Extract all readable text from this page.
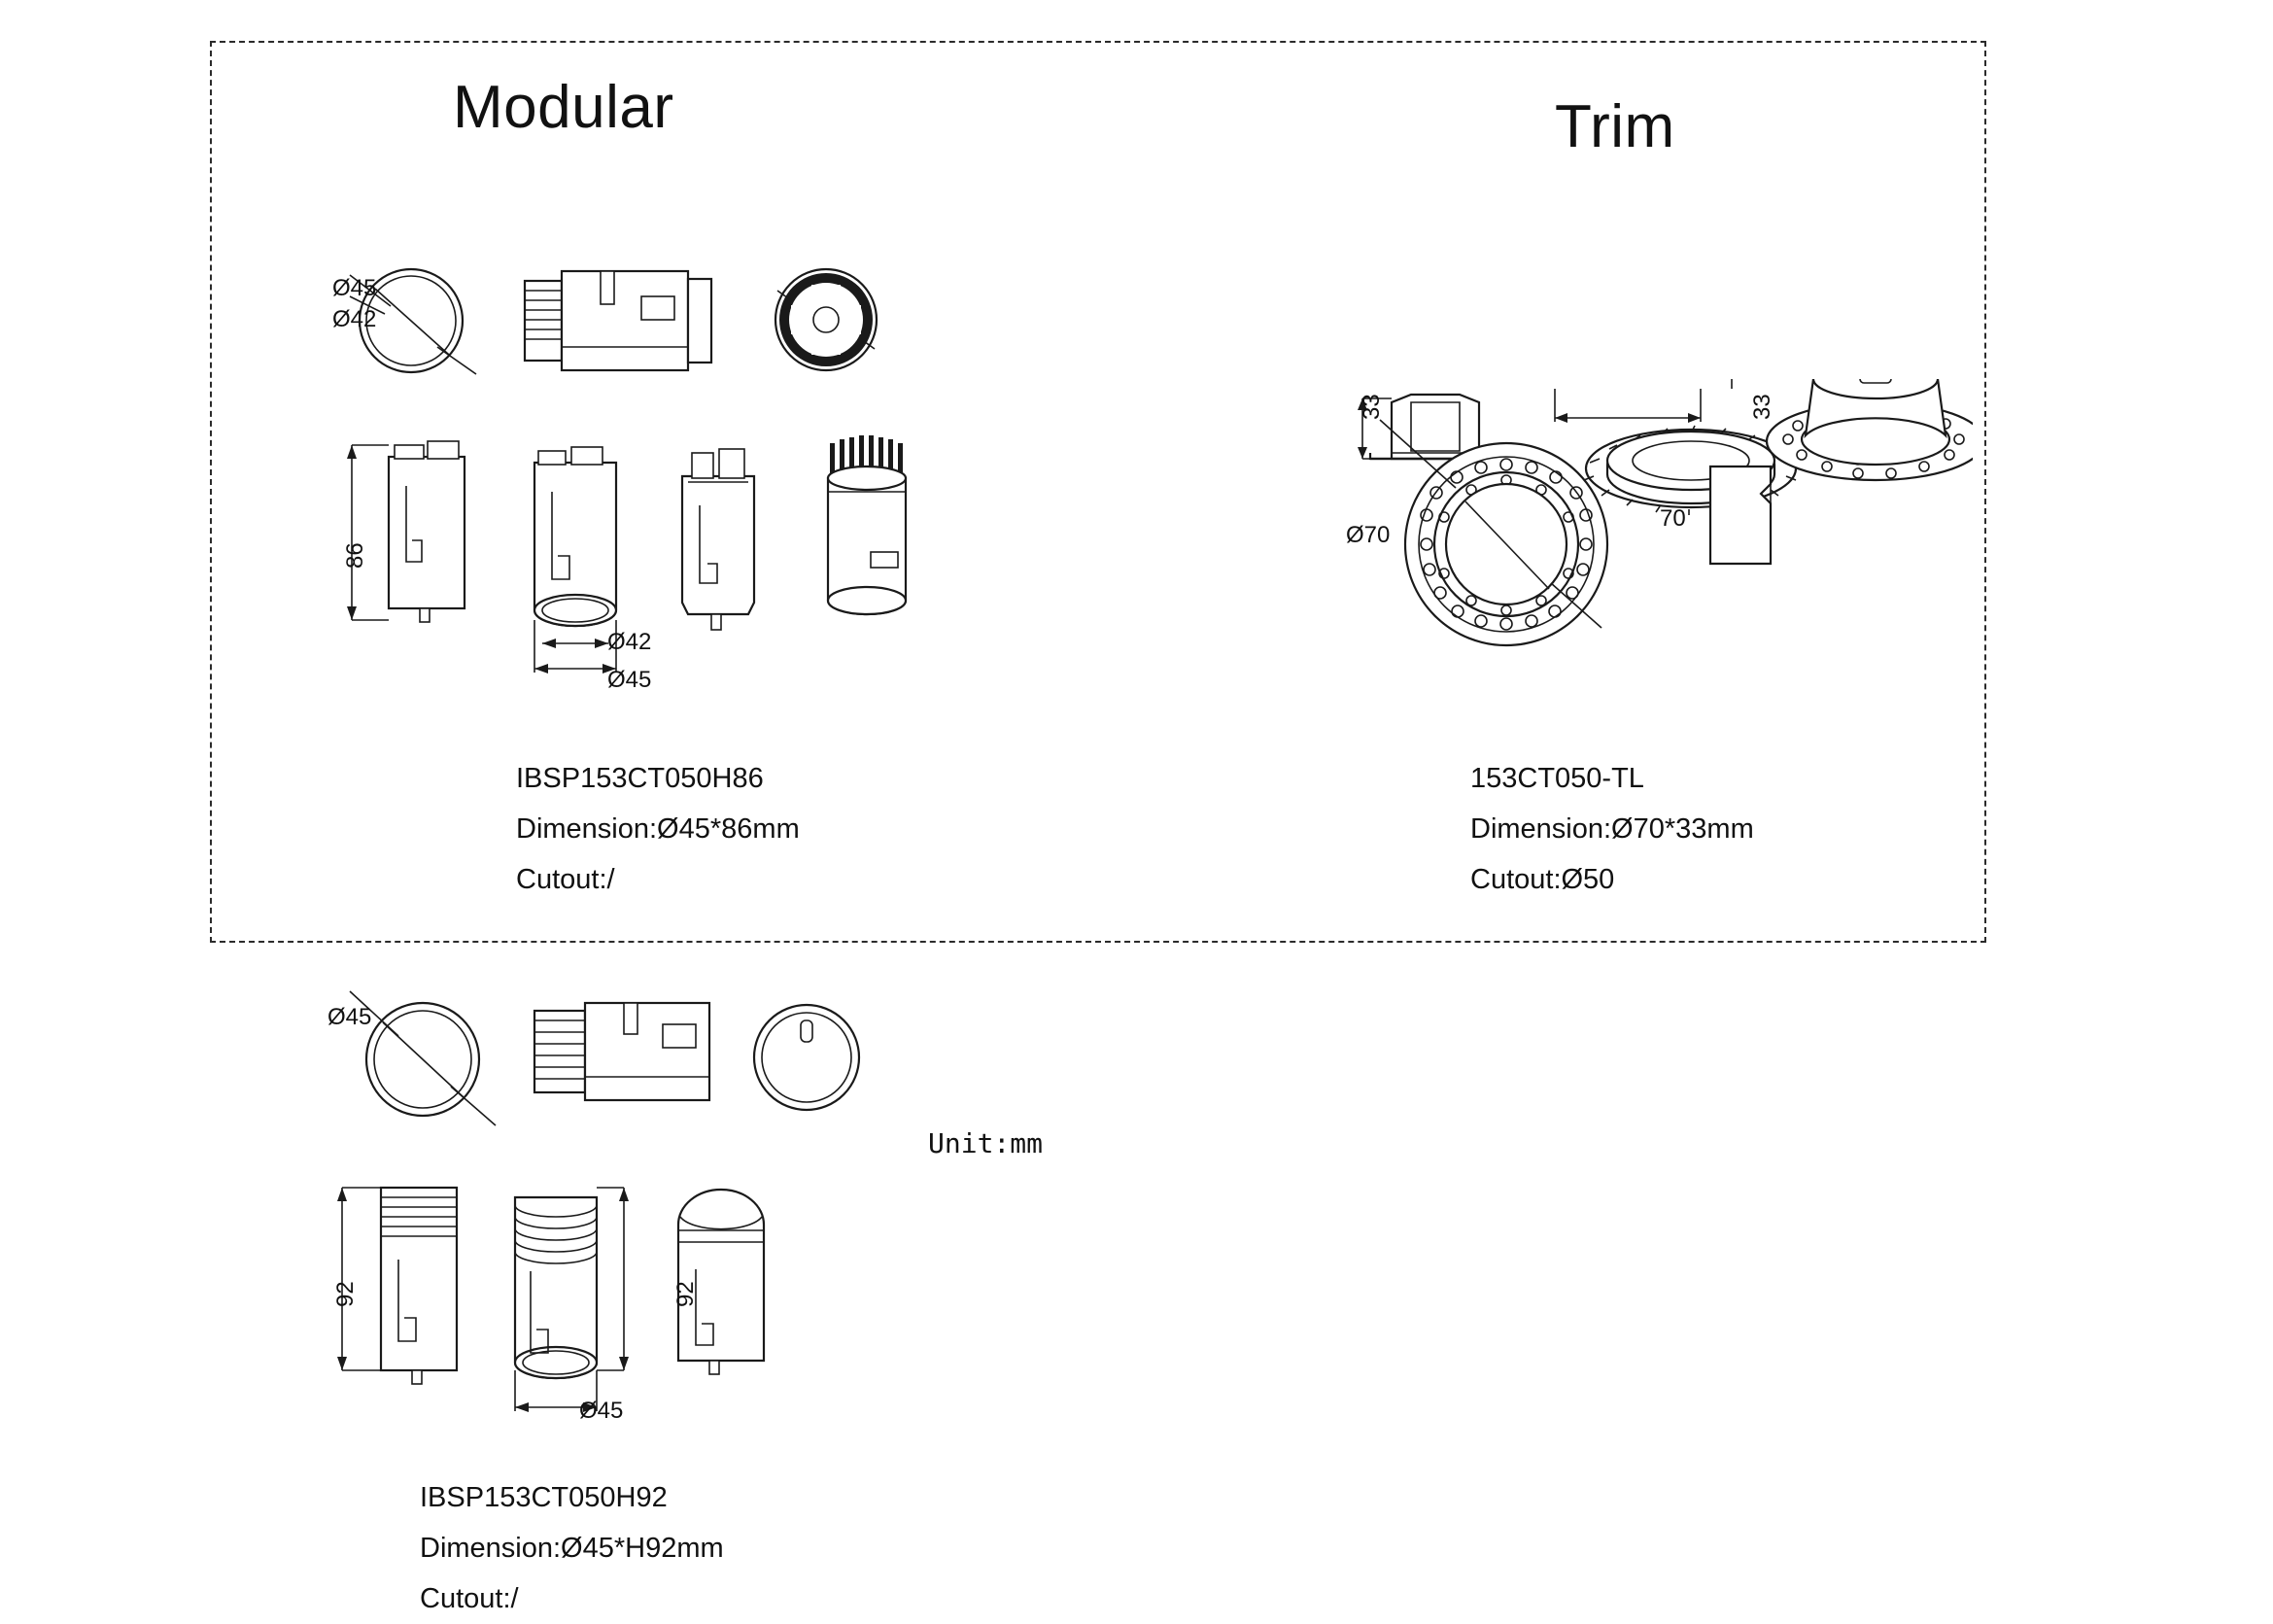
Modular	Trim
Ø45
Ø42
86
Ø42
Ø45
IBSP153CT050H86
Dimension:Ø45*86mm
Cutout:/
33	33
70
Ø70
153CT050-TL
Dimension:Ø70*33mm
Cutout:Ø50
Ø45
92	92
Ø45
Unit:mm
IBSP153CT050H92
Dimension:Ø45*H92mm
Cutout:/
